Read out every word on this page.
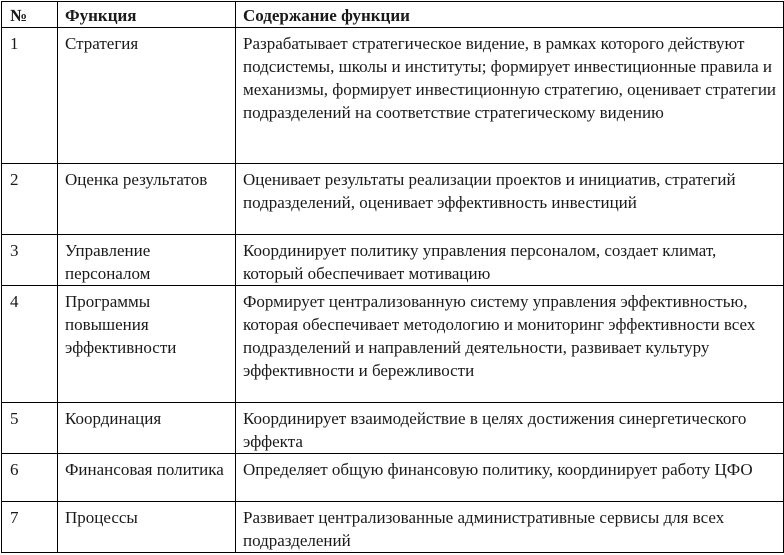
№	Функция	Содержание функции
1	Стратегия	Разрабатывает стратегическое видение, в рамках которого действуют подсистемы, школы и институты; формирует инвестиционные правила и механизмы, формирует инвестиционную стратегию, оценивает стратегии подразделений на соответствие стратегическому видению
2	Оценка результатов	Оценивает результаты реализации проектов и инициатив, стратегий подразделений, оценивает эффективность инвестиций
3	Управление персоналом	Координирует политику управления персоналом, создает климат, который обеспечивает мотивацию
4	Программы повышения эффективности	Формирует централизованную систему управления эффективностью, которая обеспечивает методологию и мониторинг эффективности всех подразделений и направлений деятельности, развивает культуру эффективности и бережливости
5	Координация	Координирует взаимодействие в целях достижения синергетического эффекта
6	Финансовая политика	Определяет общую финансовую политику, координирует работу ЦФО
7	Процессы	Развивает централизованные административные сервисы для всех подразделений
